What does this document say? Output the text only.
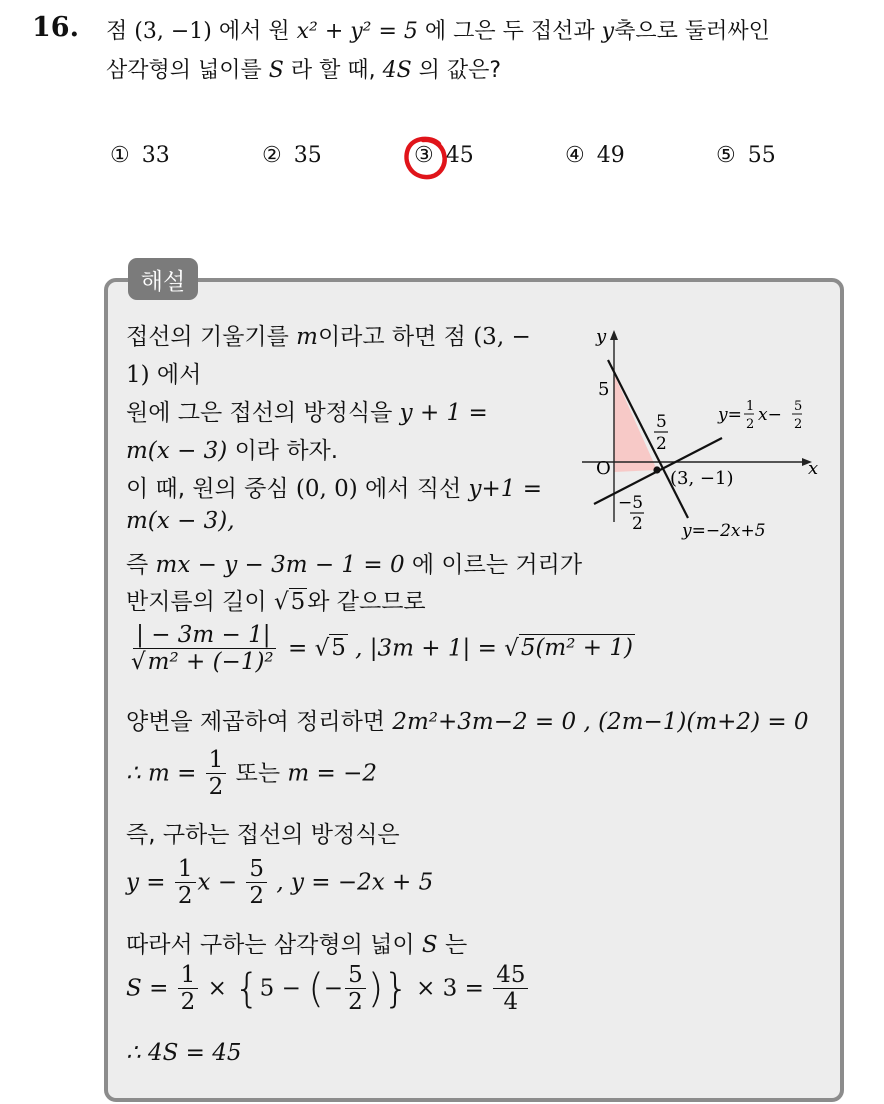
16. 점 (3, −1) 에서 원 x² + y² = 5 에 그은 두 접선과 y축으로 둘러싸인
삼각형의 넓이를 S 라 할 때, 4S 의 값은?
① 33	② 35	③ 45	④ 49	⑤ 55
해설
접선의 기울기를 m이라고 하면 점 (3, −
1) 에서
원에 그은 접선의 방정식을 y + 1 =
m(x − 3) 이라 하자.
이 때, 원의 중심 (0, 0) 에서 직선 y+1 =
m(x − 3),
즉 mx − y − 3m − 1 = 0 에 이르는 거리가
반지름의 길이 √5와 같으므로
$\frac{| - 3m - 1|}{\text{√m² + (−1)²}} = √5$ , |3m + 1| = √5(m² + 1)
양변을 제곱하여 정리하면 2m²+3m−2 = 0 , (2m−1)(m+2) = 0
∴ $m = \frac{1}{2}$ 또는 m = −2
즉, 구하는 접선의 방정식은
$y = \frac{1}{2}$ $x - \frac{5}{2}$ , y = −2x + 5
따라서 구하는 삼각형의 넓이 S 는
$S = \frac{1}{2} \times \{5$ − (− $\frac{5}{2}$ )} × $3 = \frac{45}{4}$
∴ 4S = 45
y
x
O
5
5
2
−5
2
(3, −1)
y= 1
2 x− 5
2
y=−2x+5
